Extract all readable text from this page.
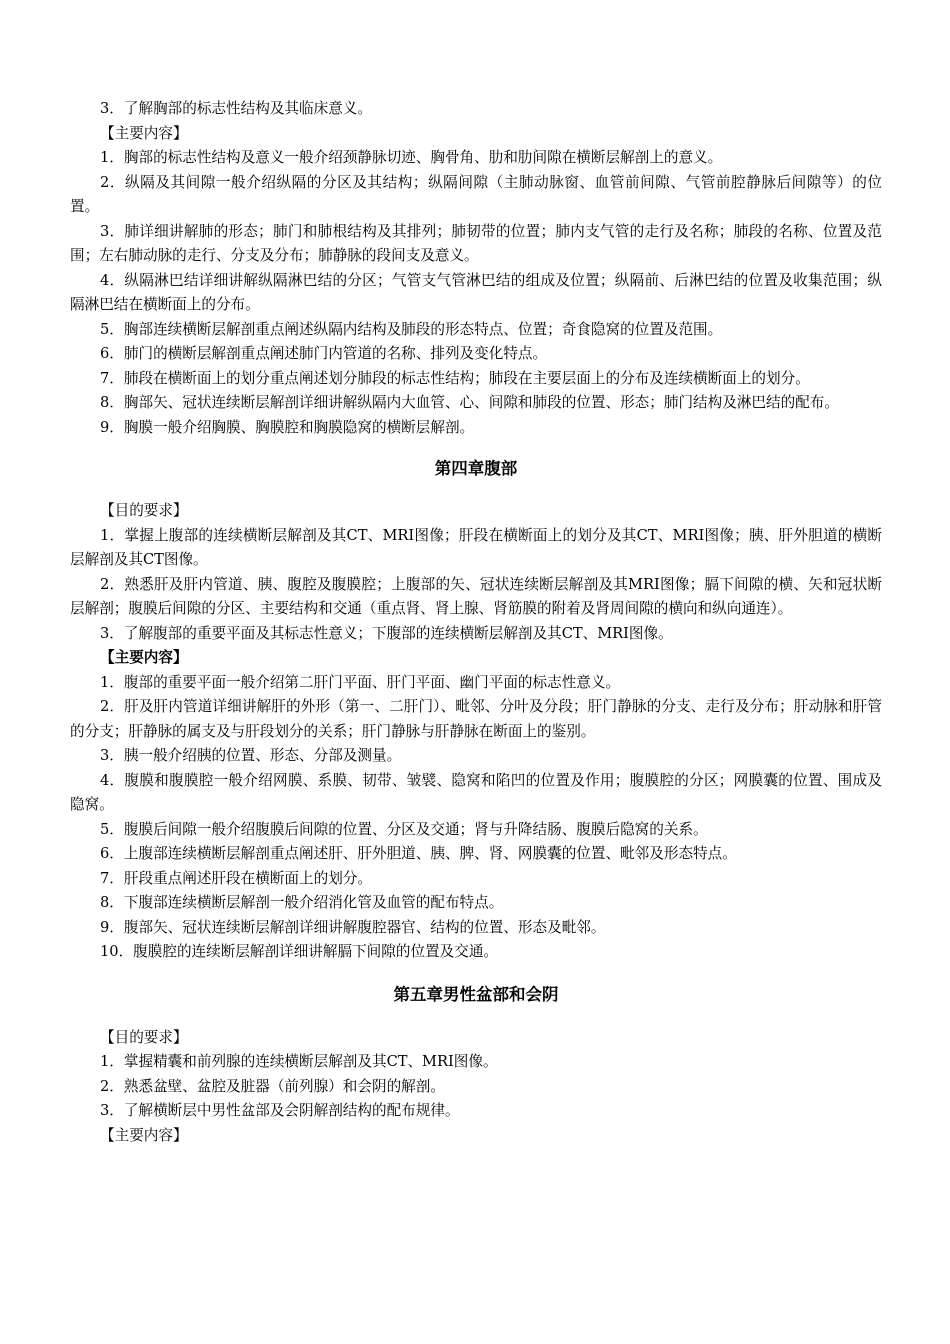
3．了解胸部的标志性结构及其临床意义。

【主要内容】

1．胸部的标志性结构及意义一般介绍颈静脉切迹、胸骨角、肋和肋间隙在横断层解剖上的意义。

2．纵隔及其间隙一般介绍纵隔的分区及其结构；纵隔间隙（主肺动脉窗、血管前间隙、气管前腔静脉后间隙等）的位置。

3．肺详细讲解肺的形态；肺门和肺根结构及其排列；肺韧带的位置；肺内支气管的走行及名称；肺段的名称、位置及范围；左右肺动脉的走行、分支及分布；肺静脉的段间支及意义。

4．纵隔淋巴结详细讲解纵隔淋巴结的分区；气管支气管淋巴结的组成及位置；纵隔前、后淋巴结的位置及收集范围；纵隔淋巴结在横断面上的分布。

5．胸部连续横断层解剖重点阐述纵隔内结构及肺段的形态特点、位置；奇食隐窝的位置及范围。

6．肺门的横断层解剖重点阐述肺门内管道的名称、排列及变化特点。

7．肺段在横断面上的划分重点阐述划分肺段的标志性结构；肺段在主要层面上的分布及连续横断面上的划分。

8．胸部矢、冠状连续断层解剖详细讲解纵隔内大血管、心、间隙和肺段的位置、形态；肺门结构及淋巴结的配布。

9．胸膜一般介绍胸膜、胸膜腔和胸膜隐窝的横断层解剖。

第四章腹部

【目的要求】

1．掌握上腹部的连续横断层解剖及其CT、MRI图像；肝段在横断面上的划分及其CT、MRI图像；胰、肝外胆道的横断层解剖及其CT图像。

2．熟悉肝及肝内管道、胰、腹腔及腹膜腔；上腹部的矢、冠状连续断层解剖及其MRI图像；膈下间隙的横、矢和冠状断层解剖；腹膜后间隙的分区、主要结构和交通（重点肾、肾上腺、肾筋膜的附着及肾周间隙的横向和纵向通连）。

3．了解腹部的重要平面及其标志性意义；下腹部的连续横断层解剖及其CT、MRI图像。

【主要内容】

1．腹部的重要平面一般介绍第二肝门平面、肝门平面、幽门平面的标志性意义。

2．肝及肝内管道详细讲解肝的外形（第一、二肝门）、毗邻、分叶及分段；肝门静脉的分支、走行及分布；肝动脉和肝管的分支；肝静脉的属支及与肝段划分的关系；肝门静脉与肝静脉在断面上的鉴别。

3．胰一般介绍胰的位置、形态、分部及测量。

4．腹膜和腹膜腔一般介绍网膜、系膜、韧带、皱襞、隐窝和陷凹的位置及作用；腹膜腔的分区；网膜囊的位置、围成及隐窝。

5．腹膜后间隙一般介绍腹膜后间隙的位置、分区及交通；肾与升降结肠、腹膜后隐窝的关系。

6．上腹部连续横断层解剖重点阐述肝、肝外胆道、胰、脾、肾、网膜囊的位置、毗邻及形态特点。

7．肝段重点阐述肝段在横断面上的划分。

8．下腹部连续横断层解剖一般介绍消化管及血管的配布特点。

9．腹部矢、冠状连续断层解剖详细讲解腹腔器官、结构的位置、形态及毗邻。

10．腹膜腔的连续断层解剖详细讲解膈下间隙的位置及交通。

第五章男性盆部和会阴

【目的要求】

1．掌握精囊和前列腺的连续横断层解剖及其CT、MRI图像。

2．熟悉盆壁、盆腔及脏器（前列腺）和会阴的解剖。

3．了解横断层中男性盆部及会阴解剖结构的配布规律。

【主要内容】
